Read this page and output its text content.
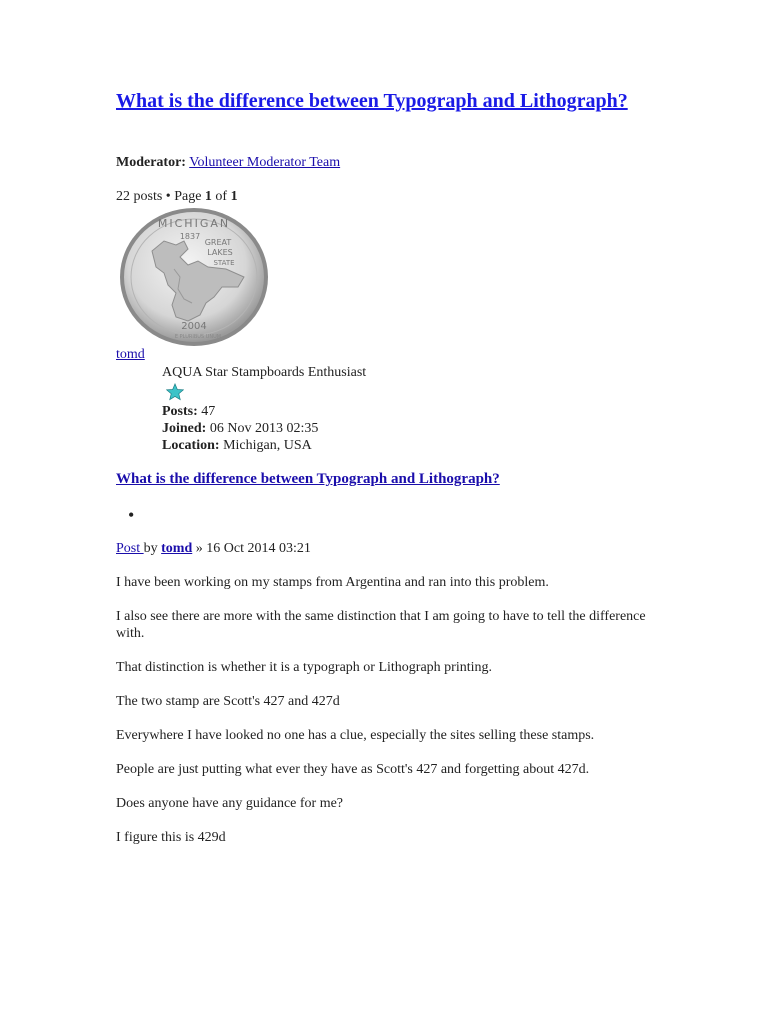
What is the difference between Typograph and Lithograph?

Moderator: Volunteer Moderator Team

22 posts • Page 1 of 1

MICHIGAN
1837
GREAT
LAKES
STATE
2004
E PLURIBUS UNUM
tomd
AQUA Star Stampboards Enthusiast
Posts: 47
Joined: 06 Nov 2013 02:35
Location: Michigan, USA
What is the difference between Typograph and Lithograph?
•
Post by tomd » 16 Oct 2014 03:21

I have been working on my stamps from Argentina and ran into this problem.

I also see there are more with the same distinction that I am going to have to tell the difference with.

That distinction is whether it is a typograph or Lithograph printing.

The two stamp are Scott's 427 and 427d

Everywhere I have looked no one has a clue, especially the sites selling these stamps.

People are just putting what ever they have as Scott's 427 and forgetting about 427d.

Does anyone have any guidance for me?

I figure this is 429d
